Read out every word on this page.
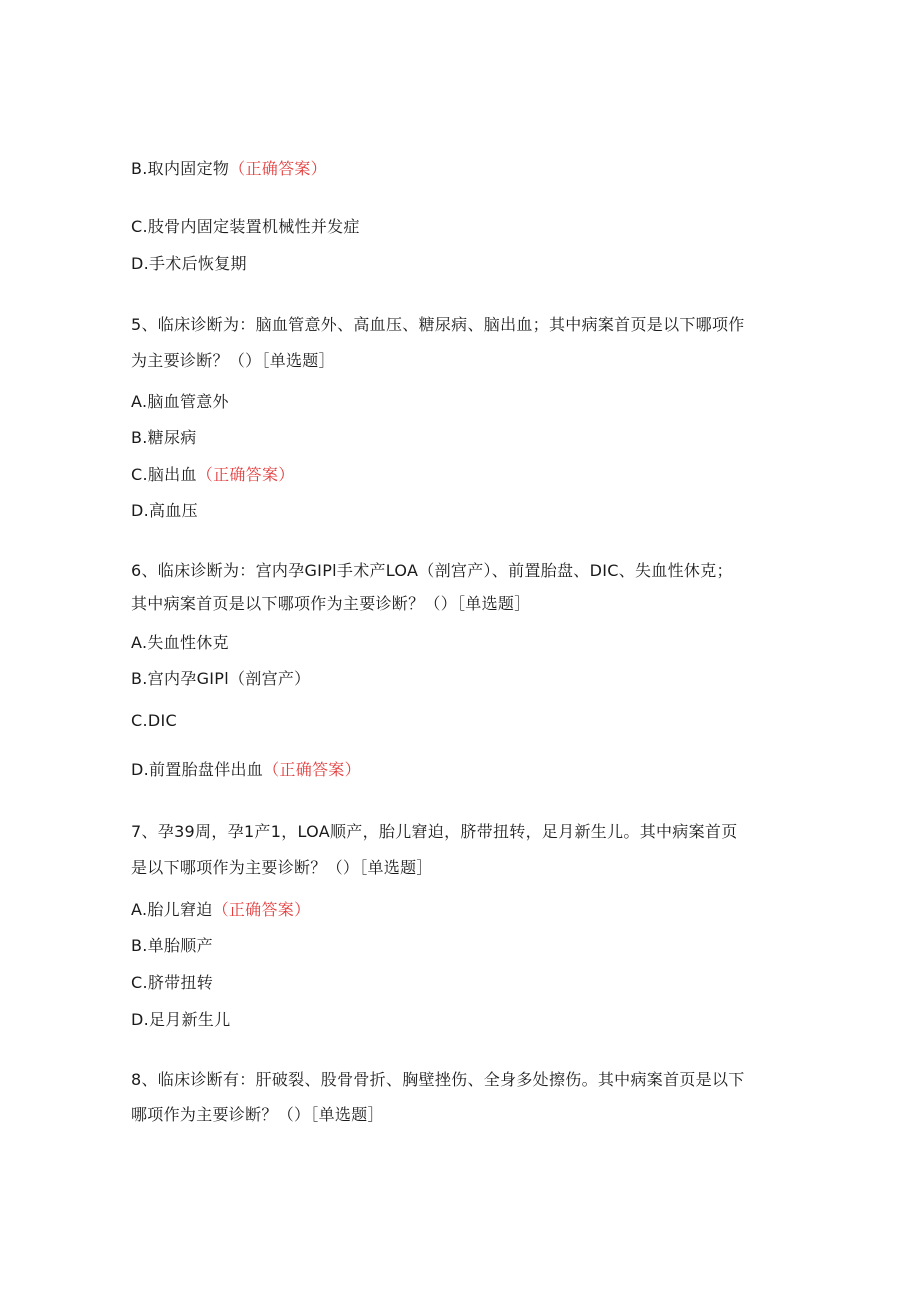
B.取内固定物（正确答案）
C.肢骨内固定装置机械性并发症
D.手术后恢复期
5、临床诊断为：脑血管意外、高血压、糖尿病、脑出血；其中病案首页是以下哪项作
为主要诊断？（）［单选题］
A.脑血管意外
B.糖尿病
C.脑出血（正确答案）
D.高血压
6、临床诊断为：宫内孕GIPl手术产LOA（剖宫产）、前置胎盘、DIC、失血性休克；
其中病案首页是以下哪项作为主要诊断？（）［单选题］
A.失血性休克
B.宫内孕GIPl（剖宫产）
C.DIC
D.前置胎盘伴出血（正确答案）
7、孕39周，孕1产1，LOA顺产，胎儿窘迫，脐带扭转，足月新生儿。其中病案首页
是以下哪项作为主要诊断？（）［单选题］
A.胎儿窘迫（正确答案）
B.单胎顺产
C.脐带扭转
D.足月新生儿
8、临床诊断有：肝破裂、股骨骨折、胸壁挫伤、全身多处擦伤。其中病案首页是以下
哪项作为主要诊断？（）［单选题］
